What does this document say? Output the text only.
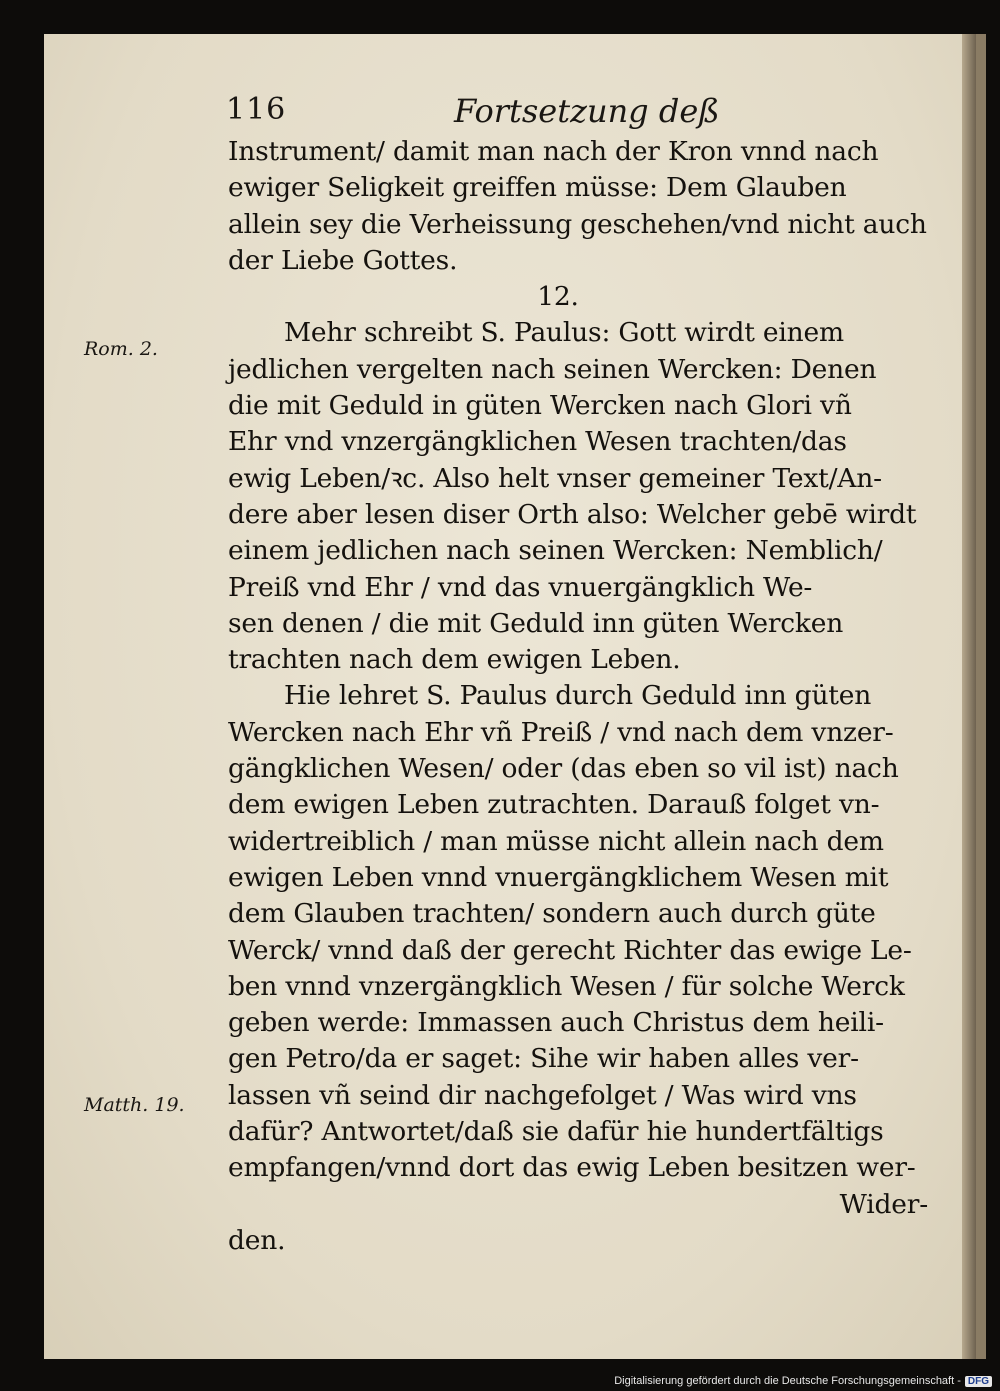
116	Fortsetzung deß
Rom. 2.
Matth. 19.
Instrument/ damit man nach der Kron vnnd nach
ewiger Seligkeit greiffen müsse: Dem Glauben
allein sey die Verheissung geschehen/vnd nicht auch
der Liebe Gottes.
12.
Mehr schreibt S. Paulus: Gott wirdt einem
jedlichen vergelten nach seinen Wercken: Denen
die mit Geduld in güten Wercken nach Glori vñ
Ehr vnd vnzergängklichen Wesen trachten/das
ewig Leben/ꝛc. Also helt vnser gemeiner Text/An-
dere aber lesen diser Orth also: Welcher gebē wirdt
einem jedlichen nach seinen Wercken: Nemblich/
Preiß vnd Ehr / vnd das vnuergängklich We-
sen denen / die mit Geduld inn güten Wercken
trachten nach dem ewigen Leben.
Hie lehret S. Paulus durch Geduld inn güten
Wercken nach Ehr vñ Preiß / vnd nach dem vnzer-
gängklichen Wesen/ oder (das eben so vil ist) nach
dem ewigen Leben zutrachten. Darauß folget vn-
widertreiblich / man müsse nicht allein nach dem
ewigen Leben vnnd vnuergängklichem Wesen mit
dem Glauben trachten/ sondern auch durch güte
Werck/ vnnd daß der gerecht Richter das ewige Le-
ben vnnd vnzergängklich Wesen / für solche Werck
geben werde: Immassen auch Christus dem heili-
gen Petro/da er saget: Sihe wir haben alles ver-
lassen vñ seind dir nachgefolget / Was wird vns
dafür? Antwortet/daß sie dafür hie hundertfältigs
empfangen/vnnd dort das ewig Leben besitzen wer-
Wider-
den.
Digitalisierung gefördert durch die Deutsche Forschungsgemeinschaft - DFG
